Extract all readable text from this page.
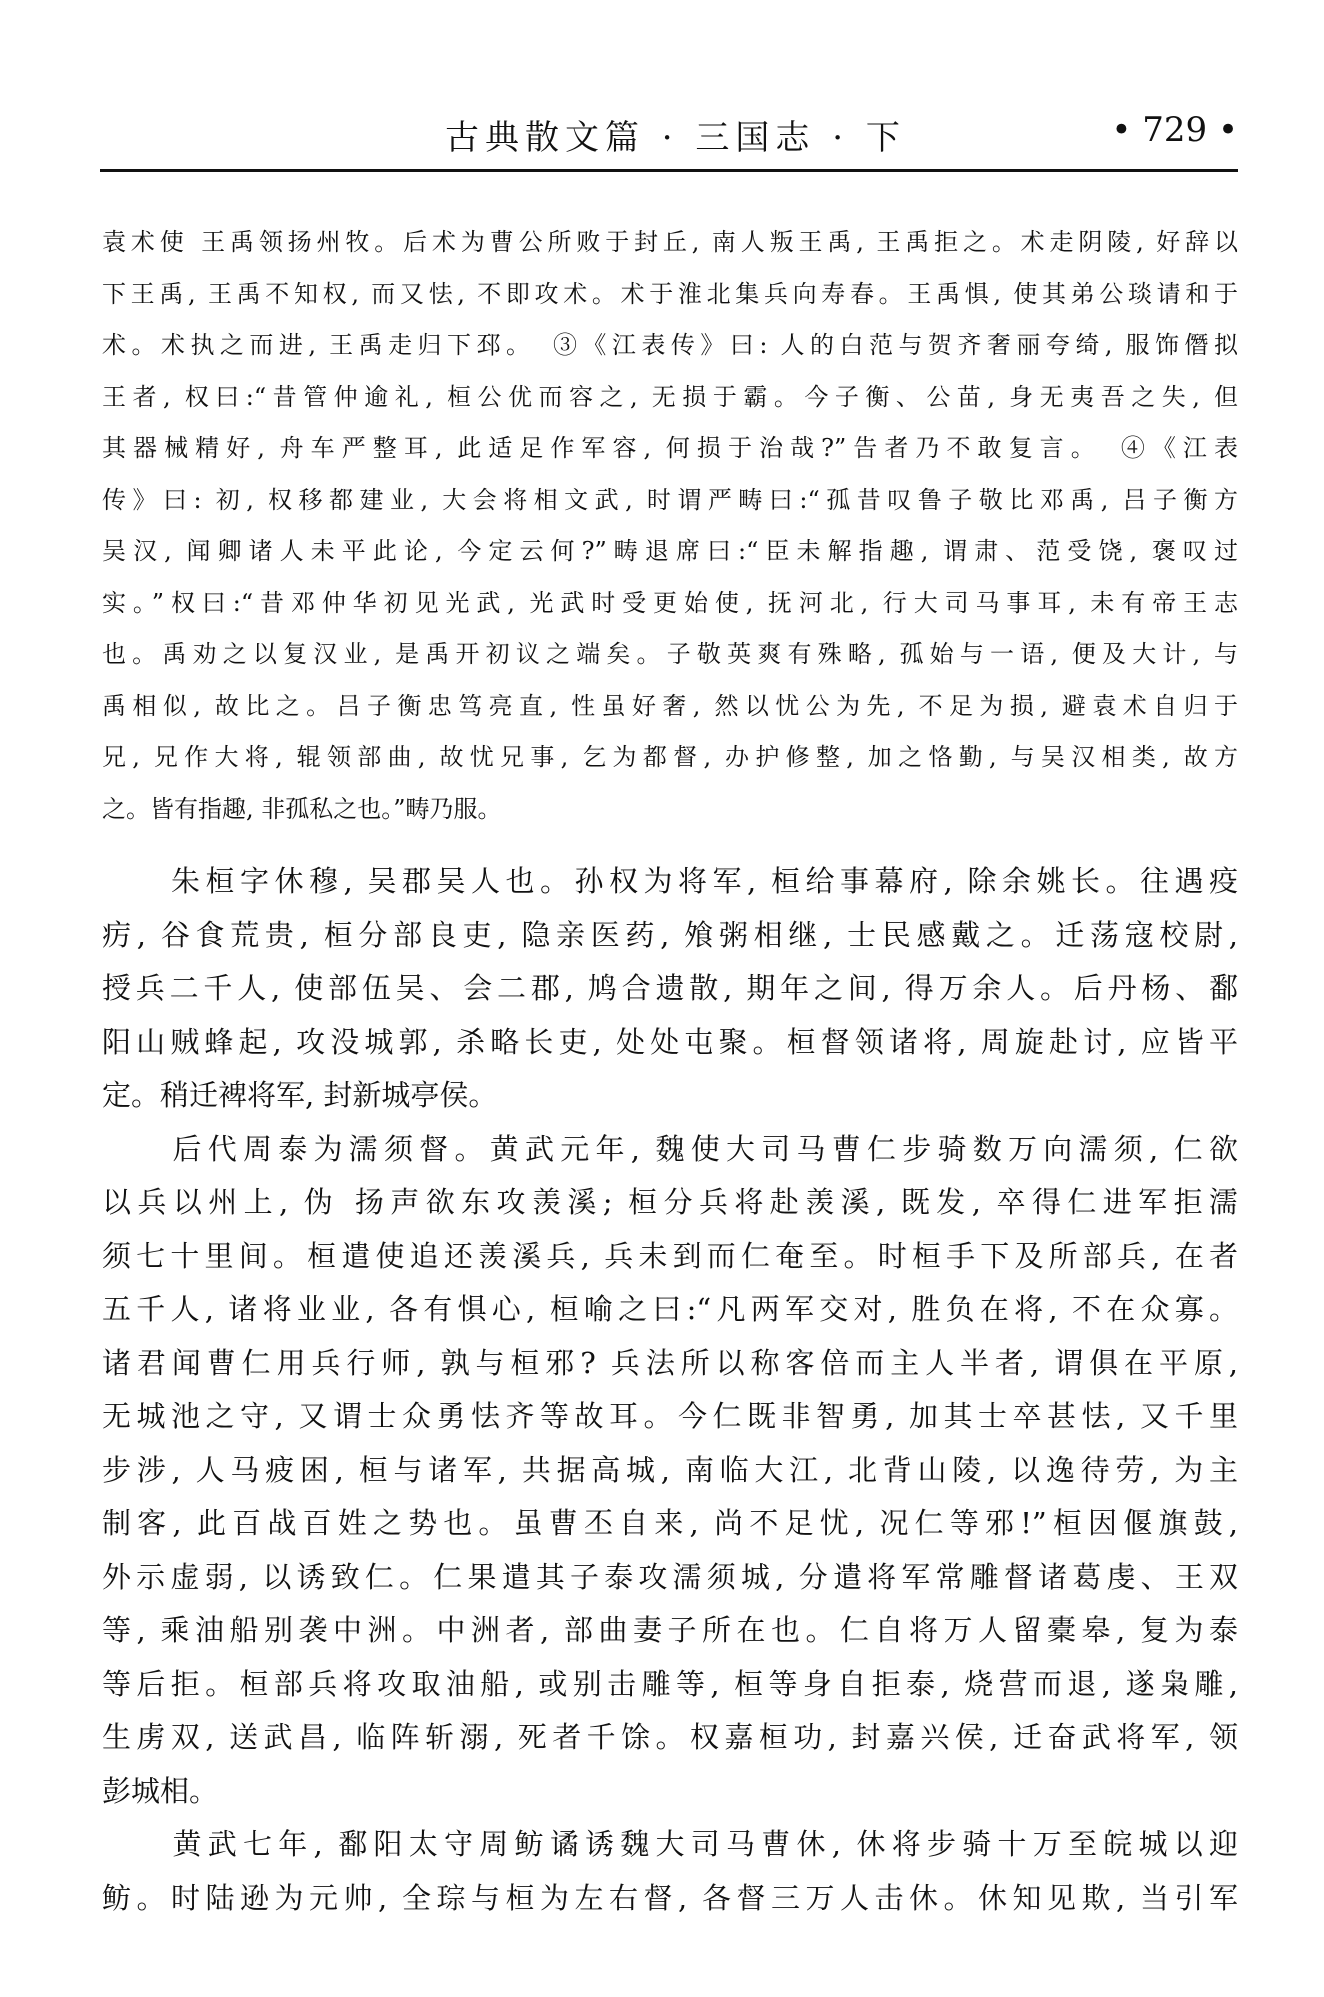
古典散文篇 · 三国志 · 下	• 729 •

袁术使 王禹领扬州牧。后术为曹公所败于封丘, 南人叛王禹, 王禹拒之。术走阴陵, 好辞以

下王禹, 王禹不知权, 而又怯, 不即攻术。术于淮北集兵向寿春。王禹惧, 使其弟公琰请和于

术。术执之而进, 王禹走归下邳。　③《江表传》曰: 人的白范与贺齐奢丽夸绮, 服饰僭拟

王者, 权曰:“昔管仲逾礼, 桓公优而容之, 无损于霸。今子衡、公苗, 身无夷吾之失, 但

其器械精好, 舟车严整耳, 此适足作军容, 何损于治哉?”告者乃不敢复言。　④《江表

传》曰: 初, 权移都建业, 大会将相文武, 时谓严畴曰:“孤昔叹鲁子敬比邓禹, 吕子衡方

吴汉, 闻卿诸人未平此论, 今定云何?”畴退席曰:“臣未解指趣, 谓肃、范受饶, 褒叹过

实。”权曰:“昔邓仲华初见光武, 光武时受更始使, 抚河北, 行大司马事耳, 未有帝王志

也。禹劝之以复汉业, 是禹开初议之端矣。子敬英爽有殊略, 孤始与一语, 便及大计, 与

禹相似, 故比之。吕子衡忠笃亮直, 性虽好奢, 然以忧公为先, 不足为损, 避袁术自归于

兄, 兄作大将, 辊领部曲, 故忧兄事, 乞为都督, 办护修整, 加之恪勤, 与吴汉相类, 故方

之。皆有指趣, 非孤私之也。”畴乃服。

　　朱桓字休穆, 吴郡吴人也。孙权为将军, 桓给事幕府, 除余姚长。往遇疫

疠, 谷食荒贵, 桓分部良吏, 隐亲医药, 飧粥相继, 士民感戴之。迁荡寇校尉,

授兵二千人, 使部伍吴、会二郡, 鸠合遗散, 期年之间, 得万余人。后丹杨、鄱

阳山贼蜂起, 攻没城郭, 杀略长吏, 处处屯聚。桓督领诸将, 周旋赴讨, 应皆平

定。稍迁裨将军, 封新城亭侯。

　　后代周泰为濡须督。黄武元年, 魏使大司马曹仁步骑数万向濡须, 仁欲

以兵以州上, 伪 扬声欲东攻羡溪; 桓分兵将赴羡溪, 既发, 卒得仁进军拒濡

须七十里间。桓遣使追还羡溪兵, 兵未到而仁奄至。时桓手下及所部兵, 在者

五千人, 诸将业业, 各有惧心, 桓喻之曰:“凡两军交对, 胜负在将, 不在众寡。

诸君闻曹仁用兵行师, 孰与桓邪? 兵法所以称客倍而主人半者, 谓俱在平原,

无城池之守, 又谓士众勇怯齐等故耳。今仁既非智勇, 加其士卒甚怯, 又千里

步涉, 人马疲困, 桓与诸军, 共据高城, 南临大江, 北背山陵, 以逸待劳, 为主

制客, 此百战百姓之势也。虽曹丕自来, 尚不足忧, 况仁等邪!”桓因偃旗鼓,

外示虚弱, 以诱致仁。仁果遣其子泰攻濡须城, 分遣将军常雕督诸葛虔、王双

等, 乘油船别袭中洲。中洲者, 部曲妻子所在也。仁自将万人留橐皋, 复为泰

等后拒。桓部兵将攻取油船, 或别击雕等, 桓等身自拒泰, 烧营而退, 遂枭雕,

生虏双, 送武昌, 临阵斩溺, 死者千馀。权嘉桓功, 封嘉兴侯, 迁奋武将军, 领

彭城相。

　　黄武七年, 鄱阳太守周鲂谲诱魏大司马曹休, 休将步骑十万至皖城以迎

鲂。时陆逊为元帅, 全琮与桓为左右督, 各督三万人击休。休知见欺, 当引军
